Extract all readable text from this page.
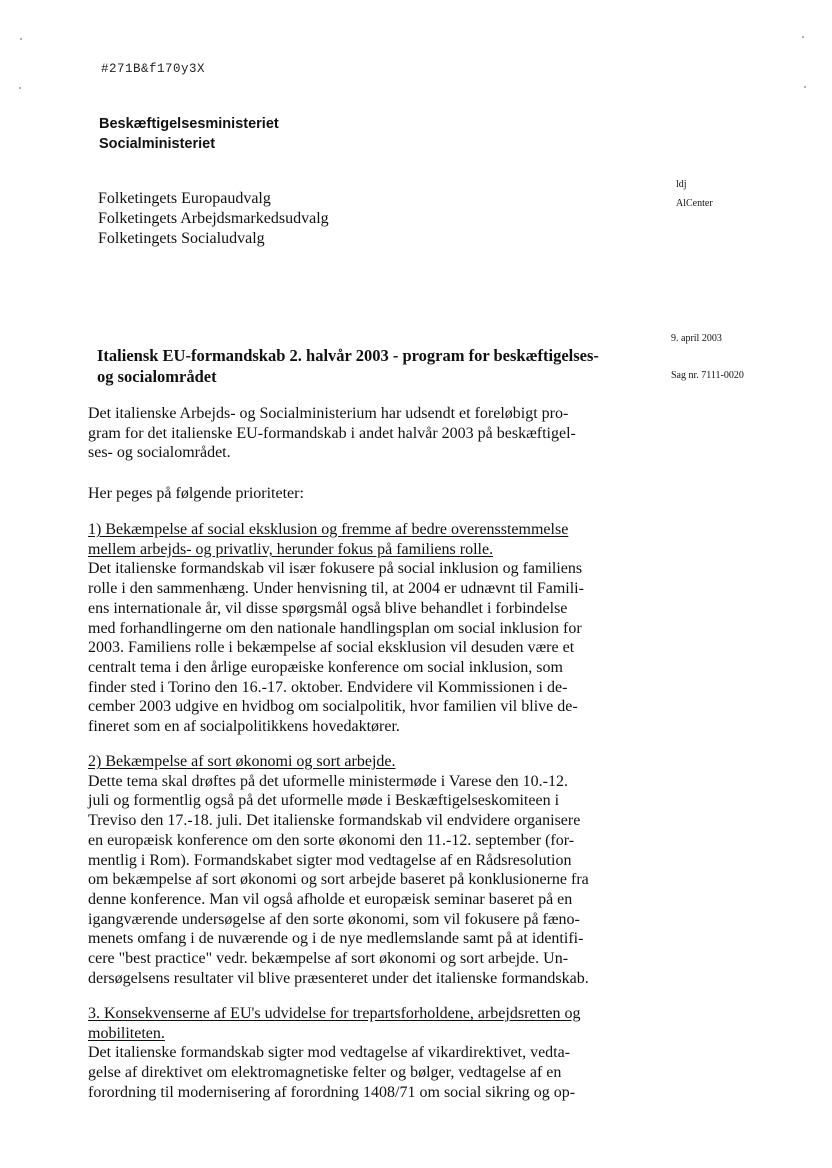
#271B&f170y3X
Beskæftigelsesministeriet
Socialministeriet
Folketingets Europaudvalg
Folketingets Arbejdsmarkedsudvalg
Folketingets Socialudvalg
ldj
AlCenter
9. april 2003
Sag nr. 7111-0020
Italiensk EU-formandskab 2. halvår 2003 - program for beskæftigelses-
og socialområdet
Det italienske Arbejds- og Socialministerium har udsendt et foreløbigt pro-
gram for det italienske EU-formandskab i andet halvår 2003 på beskæftigel-
ses- og socialområdet.
Her peges på følgende prioriteter:
1) Bekæmpelse af social eksklusion og fremme af bedre overensstemmelse
mellem arbejds- og privatliv, herunder fokus på familiens rolle.
Det italienske formandskab vil især fokusere på social inklusion og familiens
rolle i den sammenhæng. Under henvisning til, at 2004 er udnævnt til Famili-
ens internationale år, vil disse spørgsmål også blive behandlet i forbindelse
med forhandlingerne om den nationale handlingsplan om social inklusion for
2003. Familiens rolle i bekæmpelse af social eksklusion vil desuden være et
centralt tema i den årlige europæiske konference om social inklusion, som
finder sted i Torino den 16.-17. oktober. Endvidere vil Kommissionen i de-
cember 2003 udgive en hvidbog om socialpolitik, hvor familien vil blive de-
fineret som en af socialpolitikkens hovedaktører.
2) Bekæmpelse af sort økonomi og sort arbejde.
Dette tema skal drøftes på det uformelle ministermøde i Varese den 10.-12.
juli og formentlig også på det uformelle møde i Beskæftigelseskomiteen i
Treviso den 17.-18. juli. Det italienske formandskab vil endvidere organisere
en europæisk konference om den sorte økonomi den 11.-12. september (for-
mentlig i Rom). Formandskabet sigter mod vedtagelse af en Rådsresolution
om bekæmpelse af sort økonomi og sort arbejde baseret på konklusionerne fra
denne konference. Man vil også afholde et europæisk seminar baseret på en
igangværende undersøgelse af den sorte økonomi, som vil fokusere på fæno-
menets omfang i de nuværende og i de nye medlemslande samt på at identifi-
cere "best practice" vedr. bekæmpelse af sort økonomi og sort arbejde. Un-
dersøgelsens resultater vil blive præsenteret under det italienske formandskab.
3. Konsekvenserne af EU's udvidelse for trepartsforholdene, arbejdsretten og
mobiliteten.
Det italienske formandskab sigter mod vedtagelse af vikardirektivet, vedta-
gelse af direktivet om elektromagnetiske felter og bølger, vedtagelse af en
forordning til modernisering af forordning 1408/71 om social sikring og op-
